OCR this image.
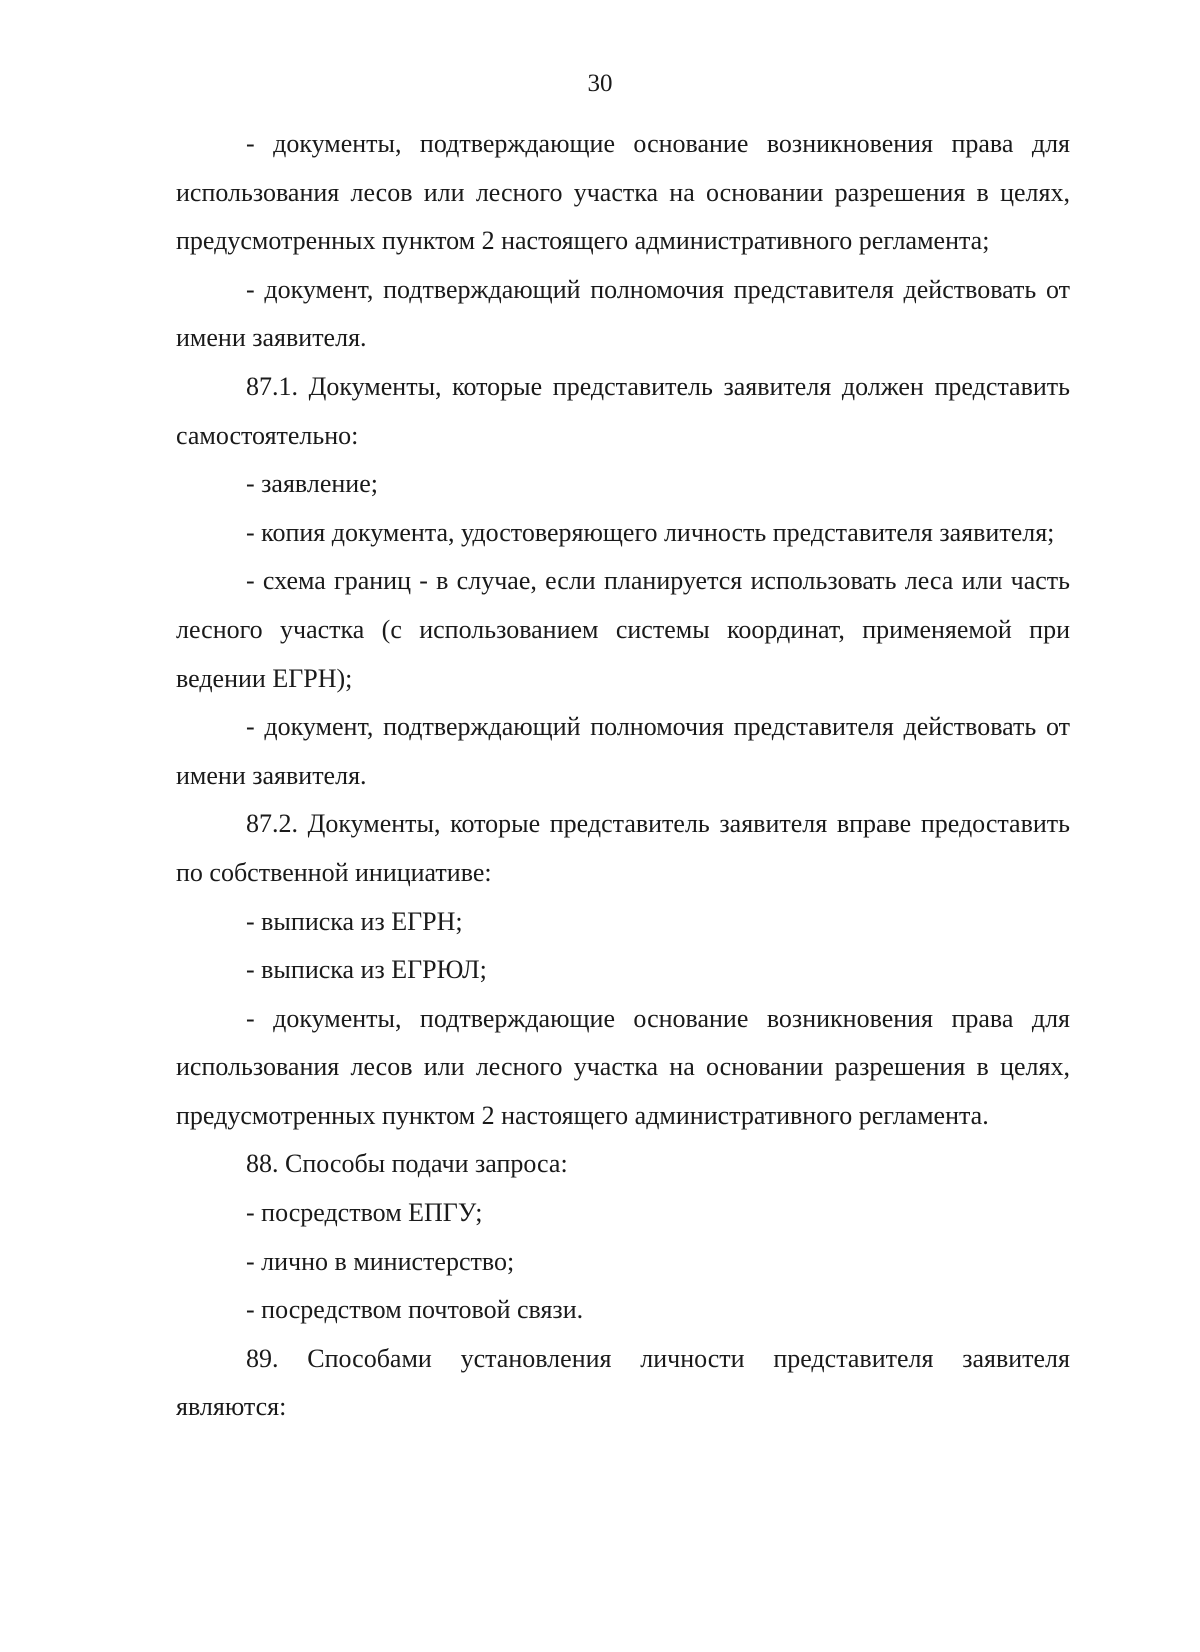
30

- документы, подтверждающие основание возникновения права для использования лесов или лесного участка на основании разрешения в целях, предусмотренных пунктом 2 настоящего административного регламента;

- документ, подтверждающий полномочия представителя действовать от имени заявителя.

87.1. Документы, которые представитель заявителя должен представить самостоятельно:

- заявление;

- копия документа, удостоверяющего личность представителя заявителя;

- схема границ - в случае, если планируется использовать леса или часть лесного участка (с использованием системы координат, применяемой при ведении ЕГРН);

- документ, подтверждающий полномочия представителя действовать от имени заявителя.

87.2. Документы, которые представитель заявителя вправе предоставить по собственной инициативе:

- выписка из ЕГРН;

- выписка из ЕГРЮЛ;

- документы, подтверждающие основание возникновения права для использования лесов или лесного участка на основании разрешения в целях, предусмотренных пунктом 2 настоящего административного регламента.

88. Способы подачи запроса:

- посредством ЕПГУ;

- лично в министерство;

- посредством почтовой связи.

89. Способами установления личности представителя заявителя являются:
